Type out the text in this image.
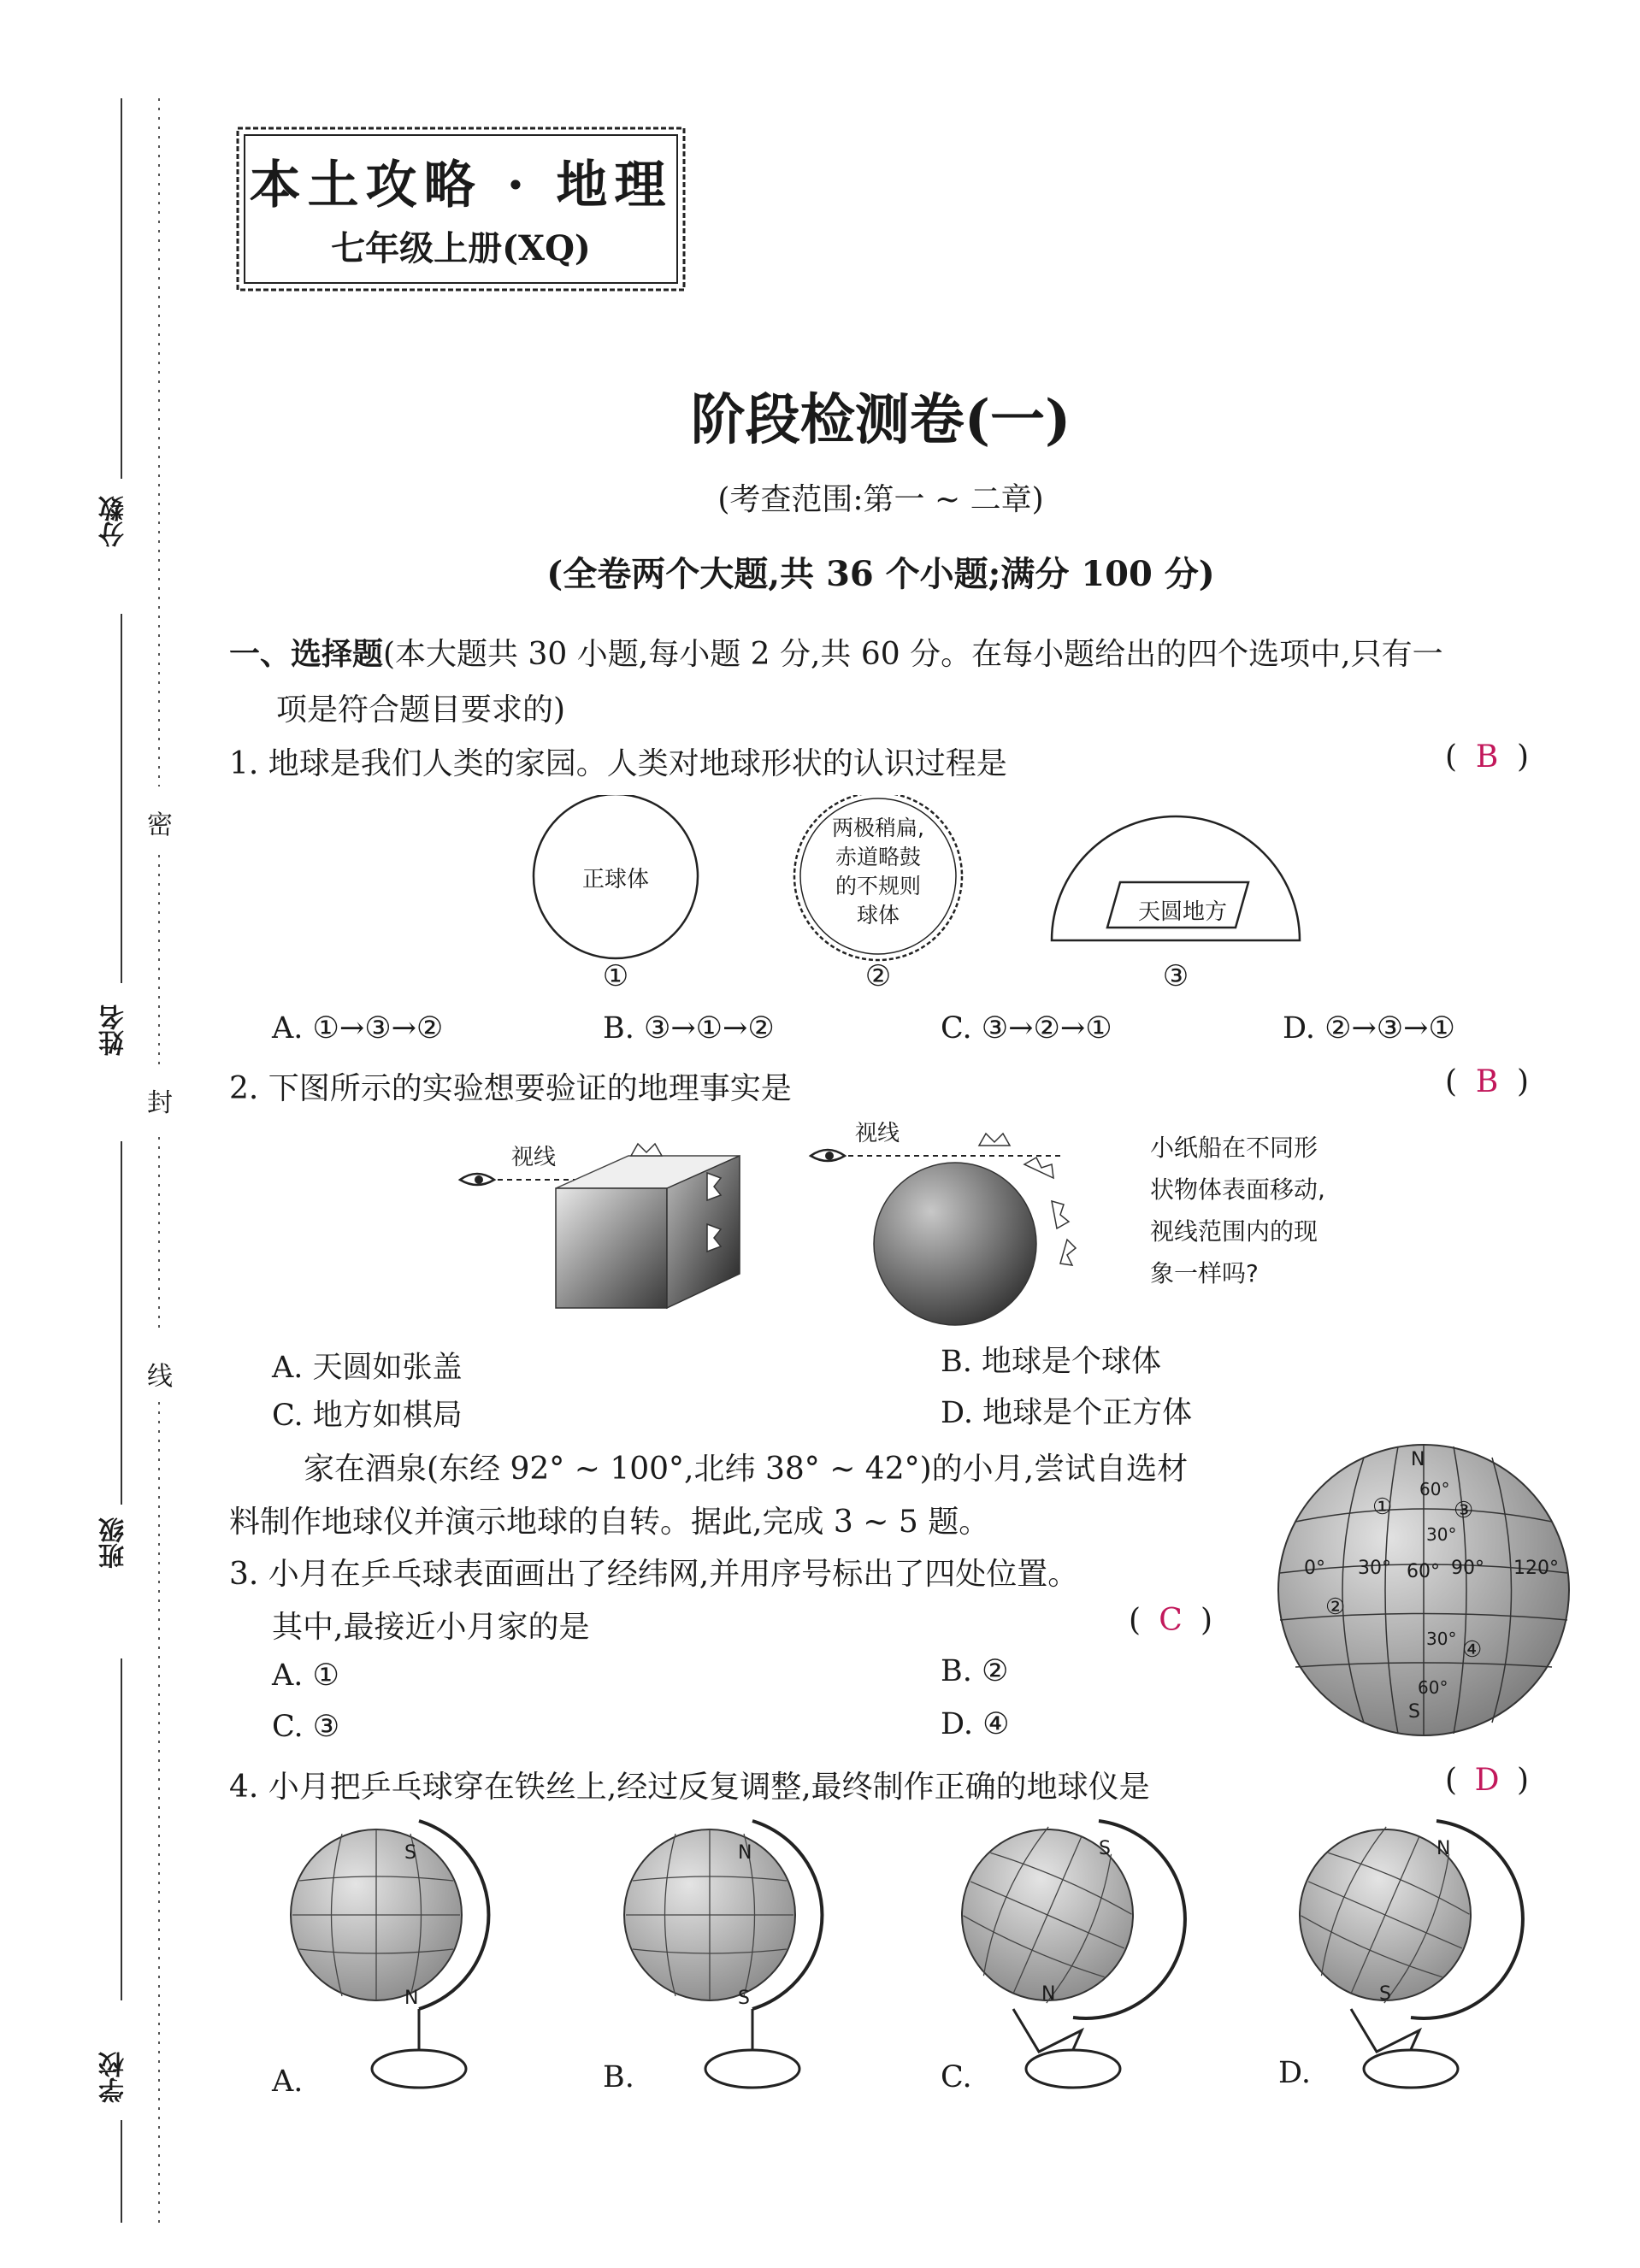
分数
姓名
班级
学校
密
封
线
本土攻略 · 地理
七年级上册(XQ)
阶段检测卷(一)
(考查范围:第一 ~ 二章)
(全卷两个大题,共 36 个小题;满分 100 分)
一、选择题(本大题共 30 小题,每小题 2 分,共 60 分。在每小题给出的四个选项中,只有一
项是符合题目要求的)
1. 地球是我们人类的家园。人类对地球形状的认识过程是	( B )
正球体
两极稍扁,
赤道略鼓
的不规则
球体	天圆地方
①	②	③
A. ①→③→②	B. ③→①→②	C. ③→②→①	D. ②→③→①
2. 下图所示的实验想要验证的地理事实是	( B )
视线
视线	小纸船在不同形
状物体表面移动,
视线范围内的现
象一样吗?
A. 天圆如张盖	B. 地球是个球体
C. 地方如棋局	D. 地球是个正方体
家在酒泉(东经 92° ~ 100°,北纬 38° ~ 42°)的小月,尝试自选材
料制作地球仪并演示地球的自转。据此,完成 3 ~ 5 题。
N
60°
30°
0° 30° 60° 90° 120°
30°
60°
S
①	③
②
④
3. 小月在乒乓球表面画出了经纬网,并用序号标出了四处位置。
其中,最接近小月家的是	( C )
A. ①	B. ②
C. ③	D. ④
4. 小月把乒乓球穿在铁丝上,经过反复调整,最终制作正确的地球仪是	( D )
S
N
N
S
S
N
N
S
A.	B.	C.	D.
